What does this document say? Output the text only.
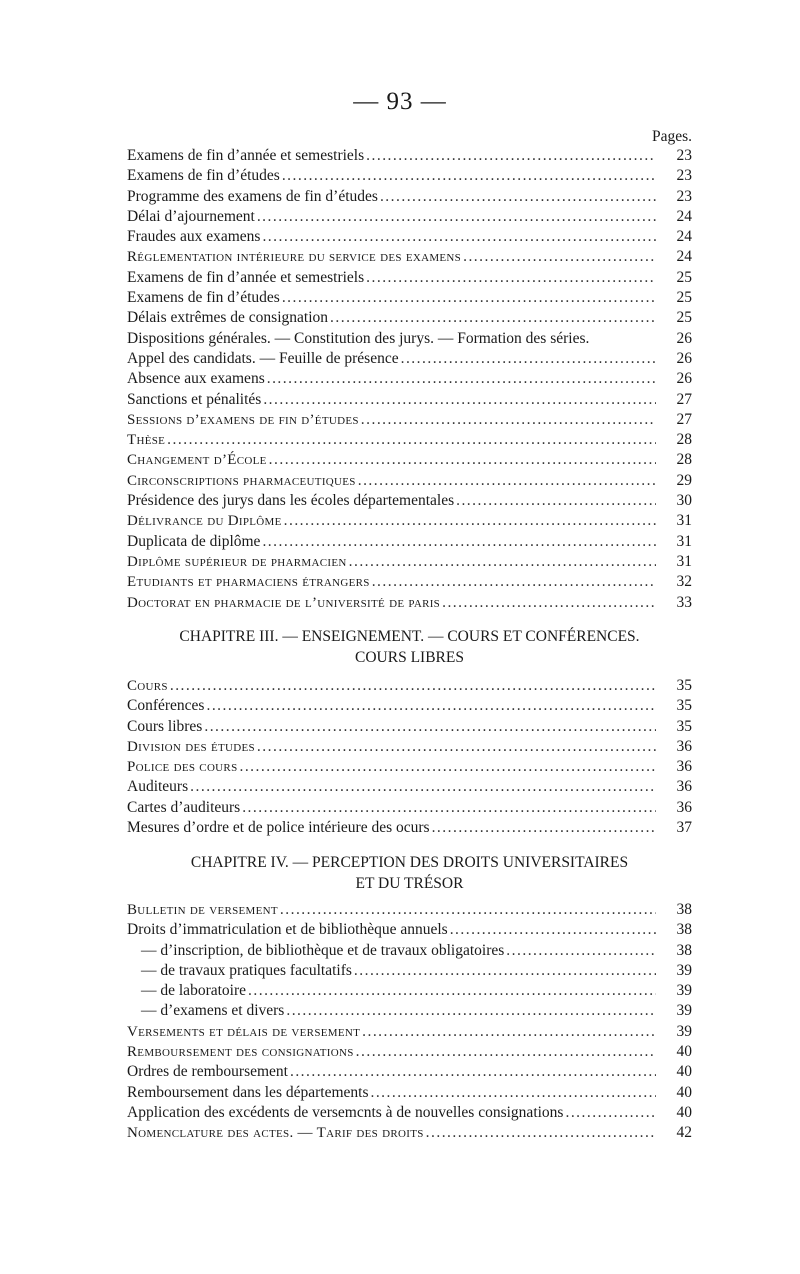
— 93 —
Pages.
Examens de fin d’année et semestriels . . .	23
Examens de fin d’études . . .	23
Programme des examens de fin d’études . . .	23
Délai d’ajournement . . .	24
Fraudes aux examens . . .	24
Réglementation intérieure du service des examens . . .	24
Examens de fin d’année et semestriels . . .	25
Examens de fin d’études . . .	25
Délais extrêmes de consignation . . .	25
Dispositions générales. — Constitution des jurys. — Formation des séries.	26
Appel des candidats. — Feuille de présence . . .	26
Absence aux examens . . .	26
Sanctions et pénalités . . .	27
Sessions d’examens de fin d’études . . .	27
Thèse . . .	28
Changement d’École . . .	28
Circonscriptions pharmaceutiques . . .	29
Présidence des jurys dans les écoles départementales . . .	30
Délivrance du Diplôme . . .	31
Duplicata de diplôme . . .	31
Diplôme supérieur de pharmacien . . .	31
Etudiants et pharmaciens étrangers . . .	32
Doctorat en pharmacie de l’université de paris . . .	33
CHAPITRE III. — ENSEIGNEMENT. — COURS ET CONFÉRENCES.
COURS LIBRES
Cours . . .	35
Conférences . . .	35
Cours libres . . .	35
Division des études . . .	36
Police des cours . . .	36
Auditeurs . . .	36
Cartes d’auditeurs . . .	36
Mesures d’ordre et de police intérieure des ocurs . . .	37
CHAPITRE IV. — PERCEPTION DES DROITS UNIVERSITAIRES
ET DU TRÉSOR
Bulletin de versement . . .	38
Droits d’immatriculation et de bibliothèque annuels . . .	38
— d’inscription, de bibliothèque et de travaux obligatoires . . .	38
— de travaux pratiques facultatifs . . .	39
— de laboratoire . . .	39
— d’examens et divers . . .	39
Versements et délais de versement . . .	39
Remboursement des consignations . . .	40
Ordres de remboursement . . .	40
Remboursement dans les départements . . .	40
Application des excédents de versemcnts à de nouvelles consignations . . .	40
Nomenclature des actes. — Tarif des droits . . .	42
